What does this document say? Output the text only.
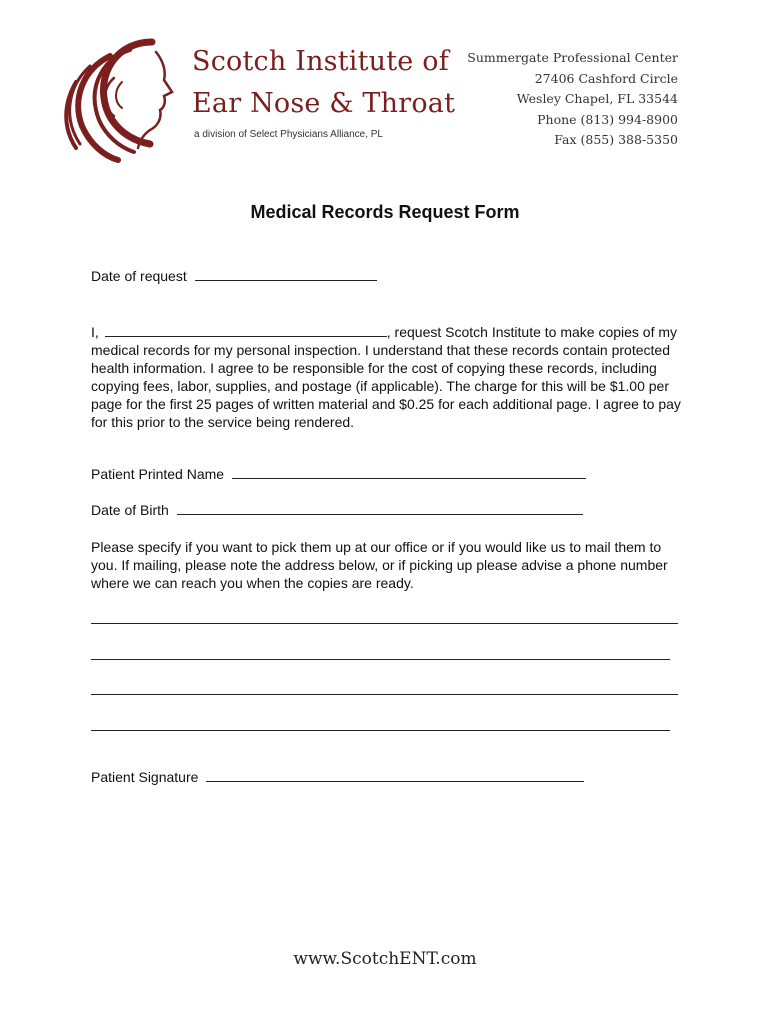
Scotch Institute of
Ear Nose & Throat
a division of Select Physicians Alliance, PL
Summergate Professional Center
27406 Cashford Circle
Wesley Chapel, FL 33544
Phone (813) 994-8900
Fax (855) 388-5350
Medical Records Request Form
Date of request
I,	, request Scotch Institute to make copies of my medical records for my personal inspection. I understand that these records contain protected health information. I agree to be responsible for the cost of copying these records, including copying fees, labor, supplies, and postage (if applicable). The charge for this will be $1.00 per page for the first 25 pages of written material and $0.25 for each additional page. I agree to pay for this prior to the service being rendered.
Patient Printed Name
Date of Birth
Please specify if you want to pick them up at our office or if you would like us to mail them to you. If mailing, please note the address below, or if picking up please advise a phone number where we can reach you when the copies are ready.
Patient Signature
www.ScotchENT.com
